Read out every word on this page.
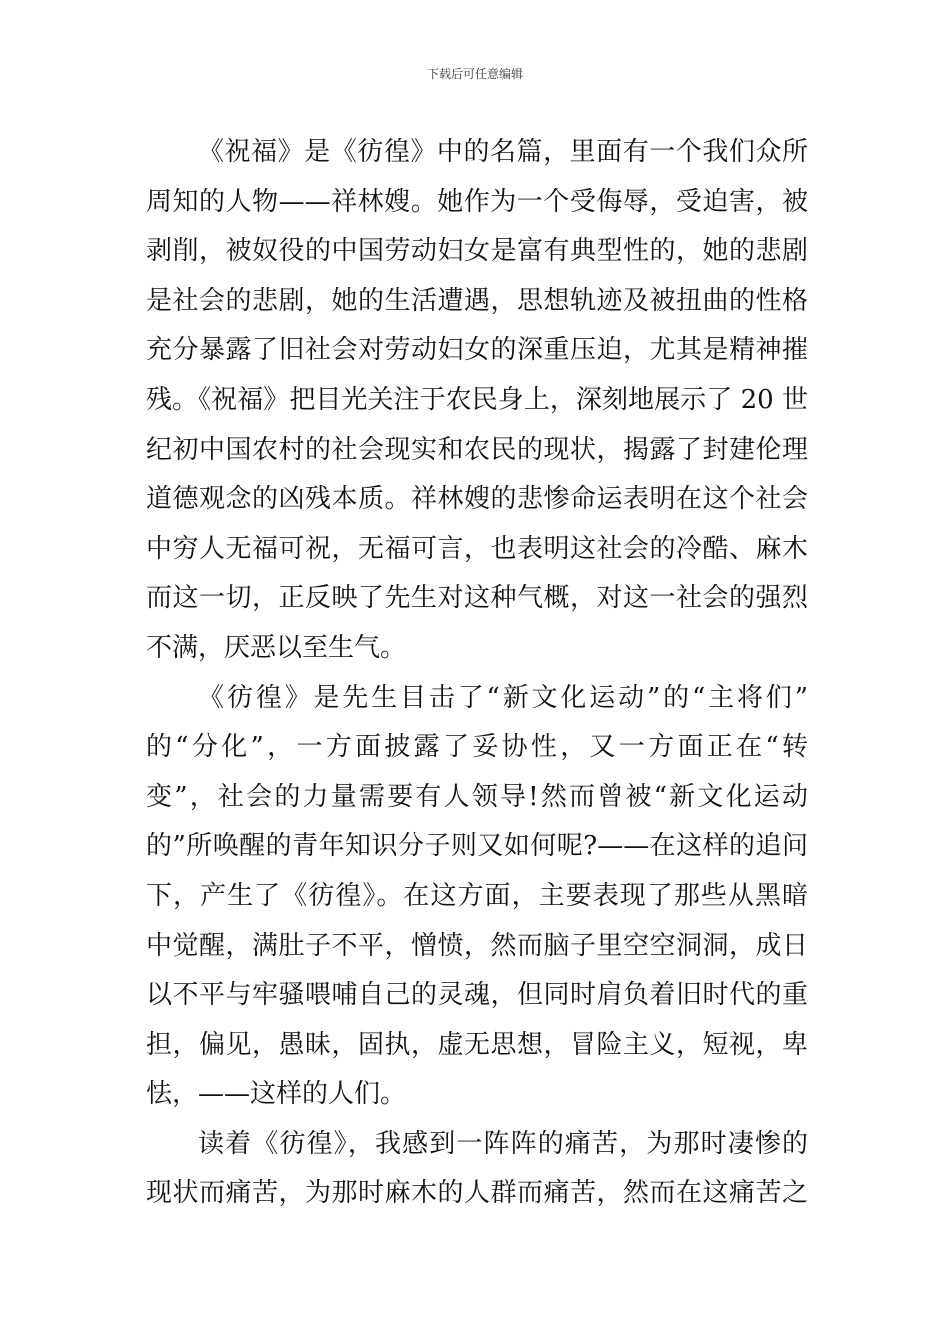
下载后可任意编辑
《祝福》是《彷徨》中的名篇，里面有一个我们众所
周知的人物——祥林嫂。她作为一个受侮辱，受迫害，被
剥削，被奴役的中国劳动妇女是富有典型性的，她的悲剧
是社会的悲剧，她的生活遭遇，思想轨迹及被扭曲的性格
充分暴露了旧社会对劳动妇女的深重压迫，尤其是精神摧
残。《祝福》把目光关注于农民身上，深刻地展示了 20 世
纪初中国农村的社会现实和农民的现状，揭露了封建伦理
道德观念的凶残本质。祥林嫂的悲惨命运表明在这个社会
中穷人无福可祝，无福可言，也表明这社会的冷酷、麻木
而这一切，正反映了先生对这种气概，对这一社会的强烈
不满，厌恶以至生气。
《彷徨》是先生目击了“新文化运动”的“主将们”
的“分化”，一方面披露了妥协性，又一方面正在“转
变”，社会的力量需要有人领导!然而曾被“新文化运动
的”所唤醒的青年知识分子则又如何呢?——在这样的追问
下，产生了《彷徨》。在这方面，主要表现了那些从黑暗
中觉醒，满肚子不平，憎愤，然而脑子里空空洞洞，成日
以不平与牢骚喂哺自己的灵魂，但同时肩负着旧时代的重
担，偏见，愚昧，固执，虚无思想，冒险主义，短视，卑
怯，——这样的人们。
读着《彷徨》，我感到一阵阵的痛苦，为那时凄惨的
现状而痛苦，为那时麻木的人群而痛苦，然而在这痛苦之
